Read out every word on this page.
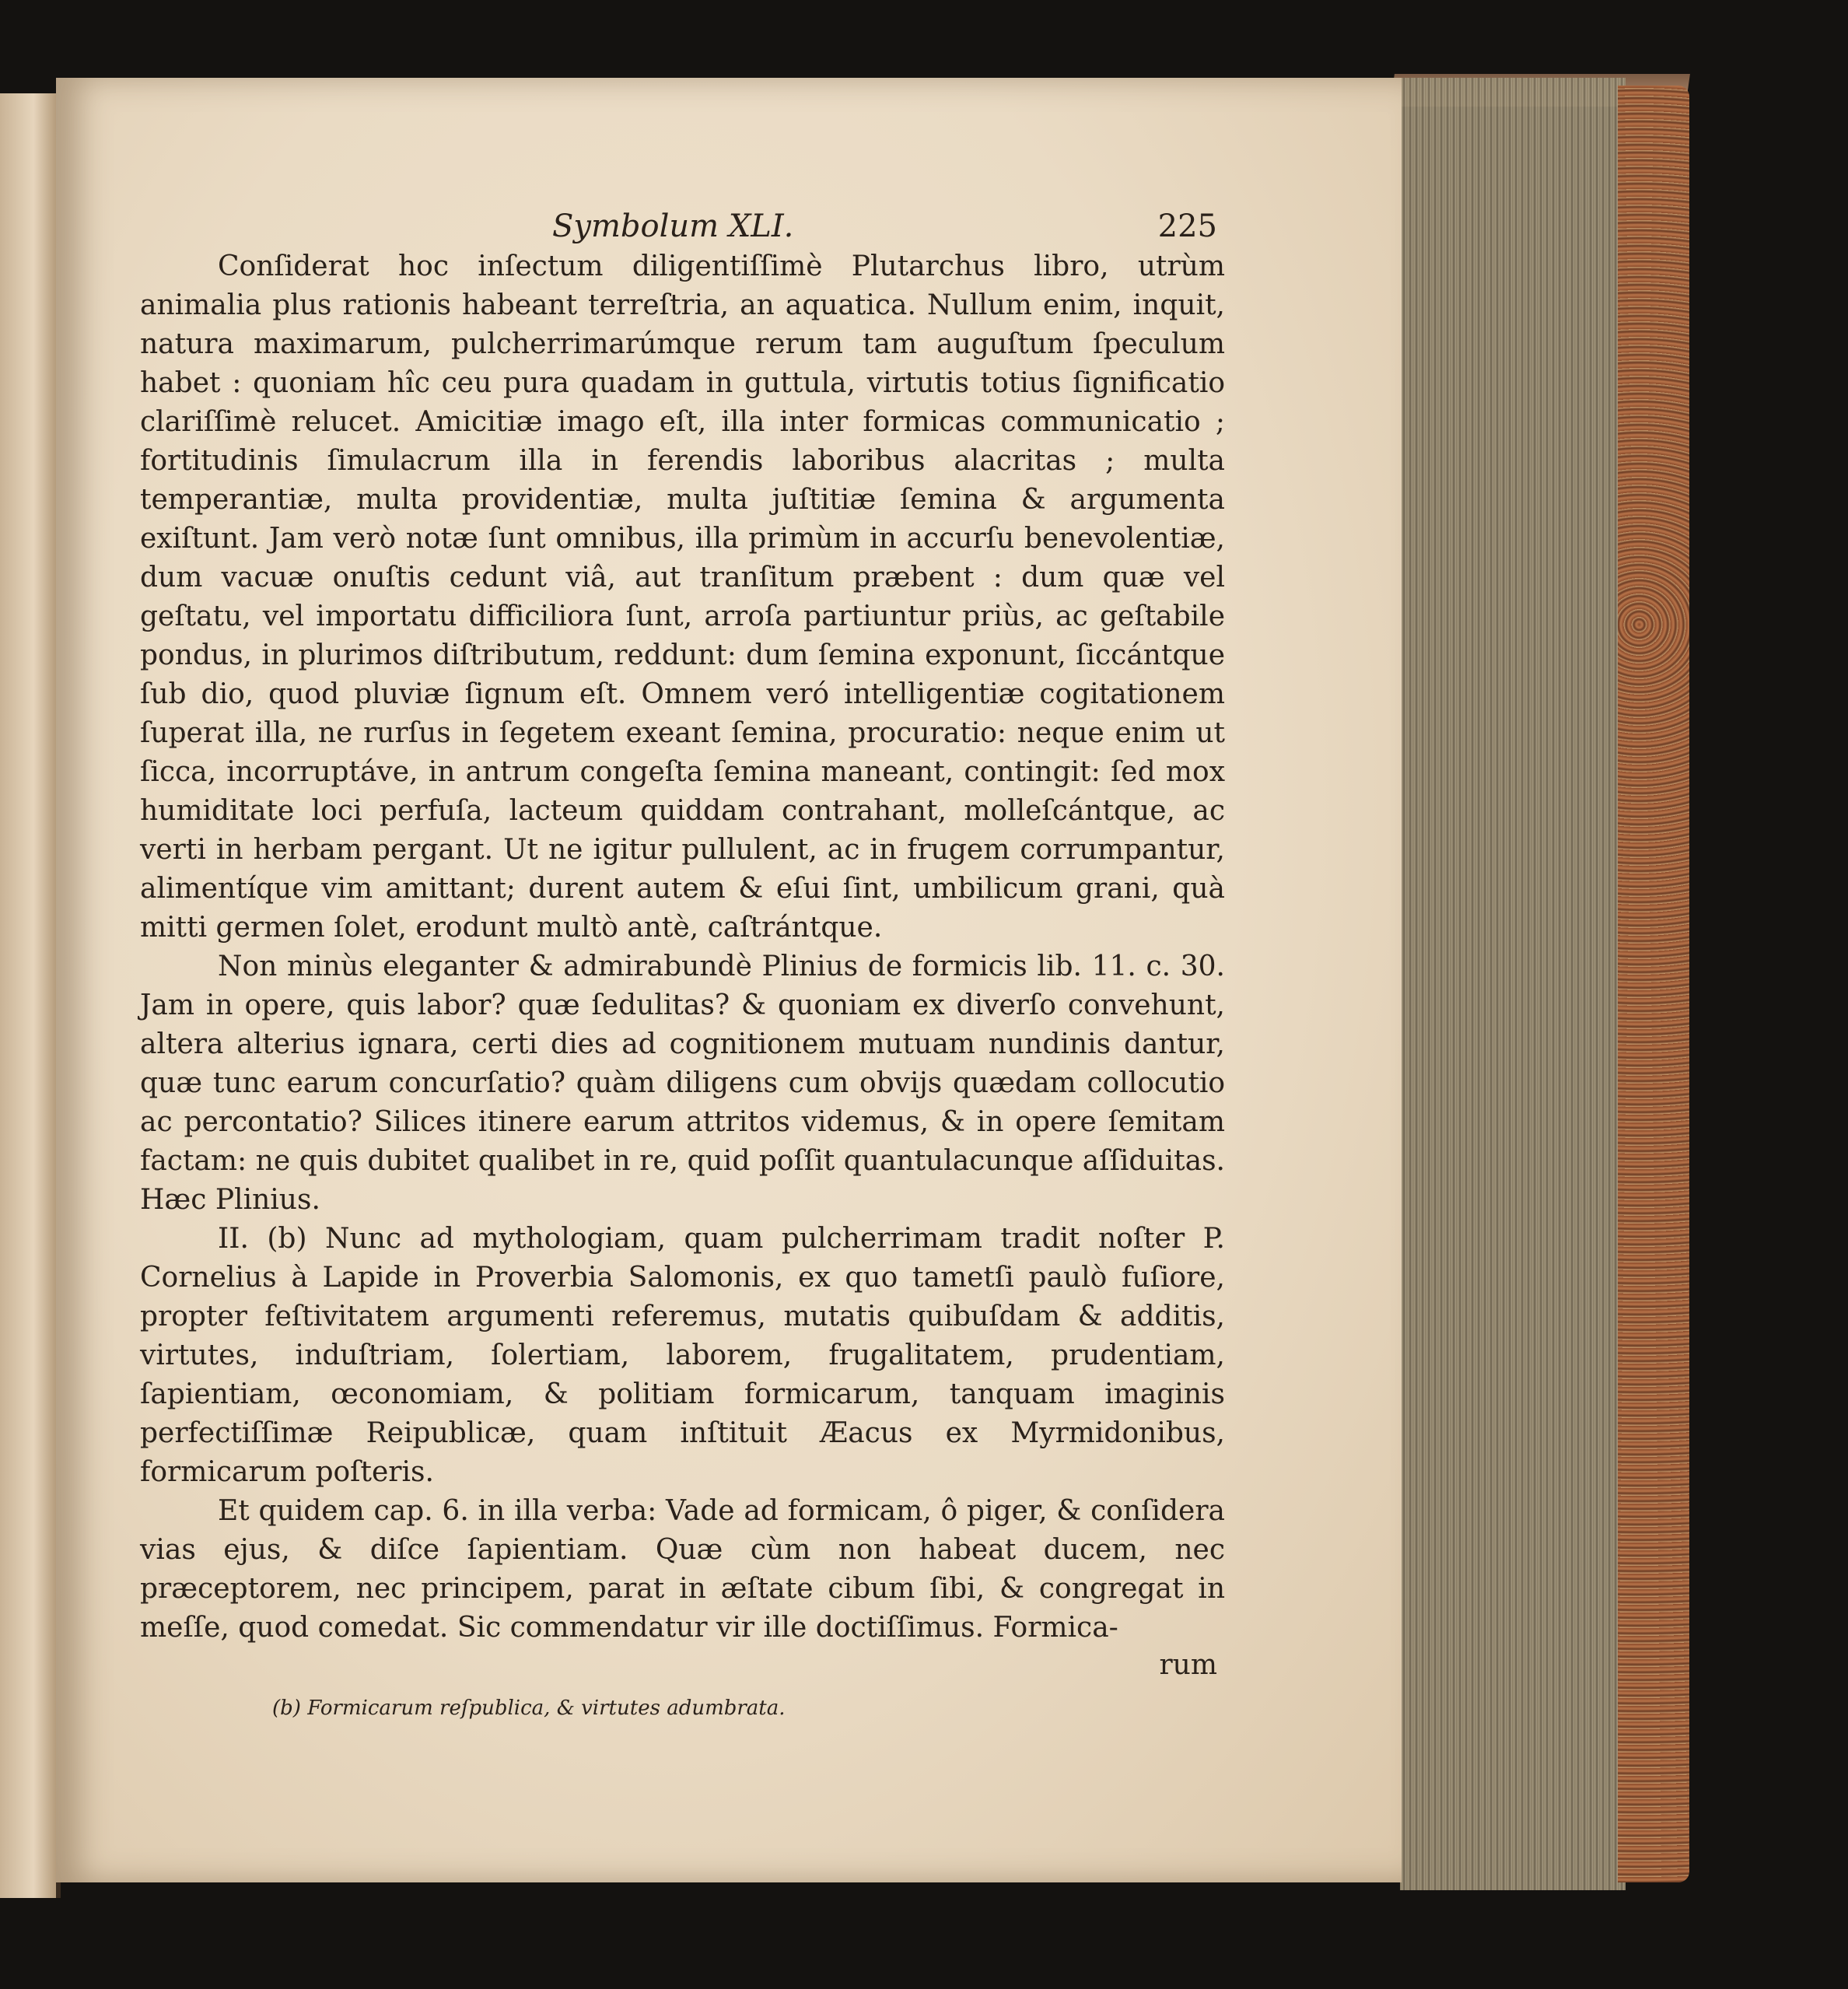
Symbolum XLI.	225

Conſiderat hoc inſectum diligentiſſimè Plutarchus libro, utrùm animalia plus rationis habeant terreſtria, an aquatica. Nullum enim, inquit, natura maximarum, pulcherrimarúmque rerum tam auguſtum ſpeculum habet : quoniam hîc ceu pura quadam in guttula, virtutis totius ſignificatio clariſſimè relucet. Amicitiæ imago eſt, illa inter formicas communicatio ; fortitudinis ſimulacrum illa in ferendis laboribus alacritas ; multa temperantiæ, multa providentiæ, multa juſtitiæ ſemina & argumenta exiſtunt. Jam verò notæ ſunt omnibus, illa primùm in accurſu benevolentiæ, dum vacuæ onuſtis cedunt viâ, aut tranſitum præbent : dum quæ vel geſtatu, vel importatu difficiliora ſunt, arroſa partiuntur priùs, ac geſtabile pondus, in plurimos diſtributum, reddunt: dum ſemina exponunt, ſiccántque ſub dio, quod pluviæ ſignum eſt. Omnem veró intelligentiæ cogitationem ſuperat illa, ne rurſus in ſegetem exeant ſemina, procuratio: neque enim ut ſicca, incorruptáve, in antrum congeſta ſemina maneant, contingit: ſed mox humiditate loci perfuſa, lacteum quiddam contrahant, molleſcántque, ac verti in herbam pergant. Ut ne igitur pullulent, ac in frugem corrumpantur, alimentíque vim amittant; durent autem & eſui ſint, umbilicum grani, quà mitti germen ſolet, erodunt multò antè, caſtrántque.

Non minùs eleganter & admirabundè Plinius de formicis lib. 11. c. 30. Jam in opere, quis labor? quæ ſedulitas? & quoniam ex diverſo convehunt, altera alterius ignara, certi dies ad cognitionem mutuam nundinis dantur, quæ tunc earum concurſatio? quàm diligens cum obvijs quædam collocutio ac percontatio? Silices itinere earum attritos videmus, & in opere ſemitam factam: ne quis dubitet qualibet in re, quid poſſit quantulacunque aſſiduitas. Hæc Plinius.

II. (b) Nunc ad mythologiam, quam pulcherrimam tradit noſter P. Cornelius à Lapide in Proverbia Salomonis, ex quo tametſi paulò fuſiore, propter feſtivitatem argumenti referemus, mutatis quibuſdam & additis, virtutes, induſtriam, ſolertiam, laborem, frugalitatem, prudentiam, ſapientiam, œconomiam, & politiam formicarum, tanquam imaginis perfectiſſimæ Reipublicæ, quam inſtituit Æacus ex Myrmidonibus, formicarum poſteris.

Et quidem cap. 6. in illa verba: Vade ad formicam, ô piger, & conſidera vias ejus, & diſce ſapientiam. Quæ cùm non habeat ducem, nec præceptorem, nec principem, parat in æſtate cibum ſibi, & congregat in meſſe, quod comedat. Sic commendatur vir ille doctiſſimus. Formica-

rum
(b) Formicarum reſpublica, & virtutes adumbrata.
